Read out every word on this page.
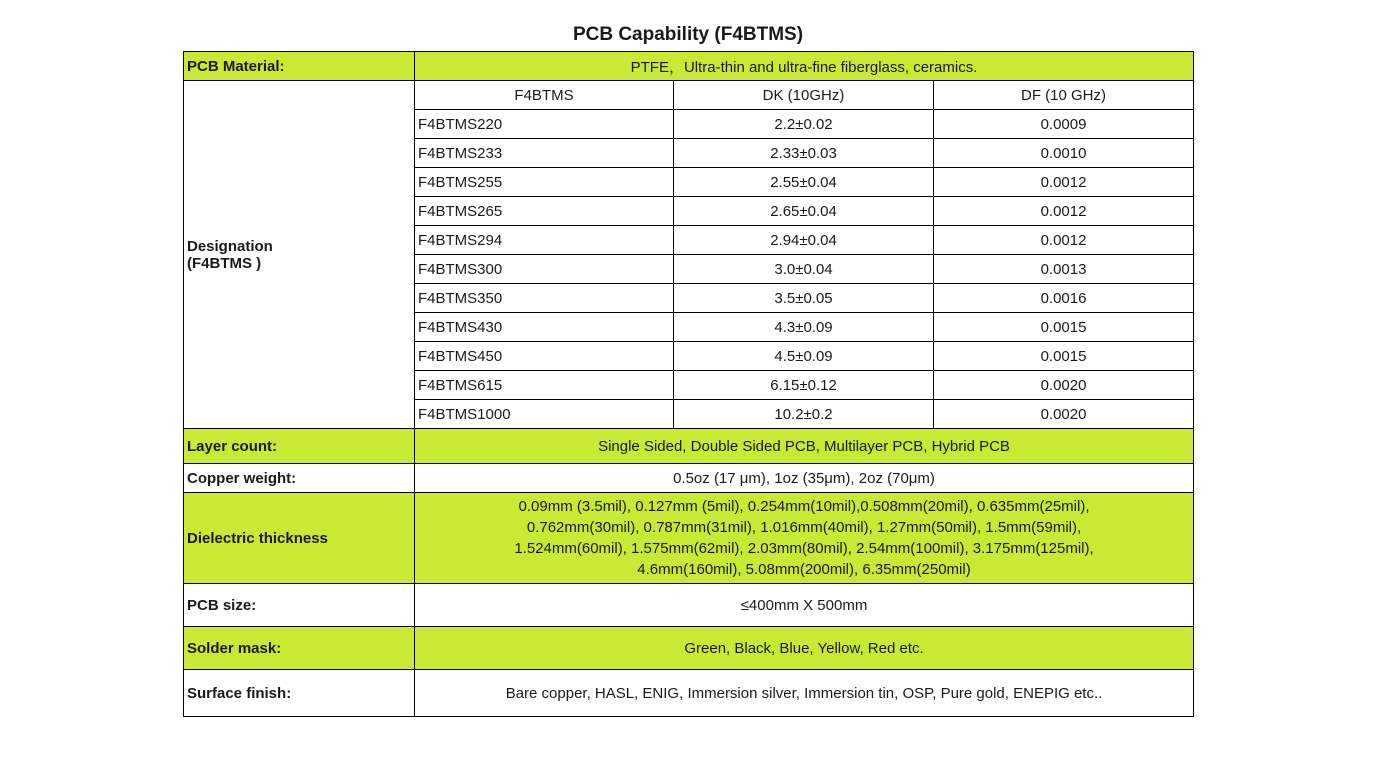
PCB Capability (F4BTMS)
PCB Material:	PTFE，Ultra-thin and ultra-fine fiberglass, ceramics.		
Designation
(F4BTMS )	F4BTMS	DK (10GHz)	DF (10 GHz)
	F4BTMS220	2.2±0.02	0.0009
	F4BTMS233	2.33±0.03	0.0010
	F4BTMS255	2.55±0.04	0.0012
	F4BTMS265	2.65±0.04	0.0012
	F4BTMS294	2.94±0.04	0.0012
	F4BTMS300	3.0±0.04	0.0013
	F4BTMS350	3.5±0.05	0.0016
	F4BTMS430	4.3±0.09	0.0015
	F4BTMS450	4.5±0.09	0.0015
	F4BTMS615	6.15±0.12	0.0020
	F4BTMS1000	10.2±0.2	0.0020
Layer count:	Single Sided, Double Sided PCB, Multilayer PCB, Hybrid PCB		
Copper weight:	0.5oz (17 μm), 1oz (35μm), 2oz (70μm)		
Dielectric thickness	0.09mm (3.5mil), 0.127mm (5mil), 0.254mm(10mil),0.508mm(20mil), 0.635mm(25mil),
0.762mm(30mil), 0.787mm(31mil), 1.016mm(40mil), 1.27mm(50mil), 1.5mm(59mil),
1.524mm(60mil), 1.575mm(62mil), 2.03mm(80mil), 2.54mm(100mil), 3.175mm(125mil),
4.6mm(160mil), 5.08mm(200mil), 6.35mm(250mil)		
PCB size:	≤400mm X 500mm		
Solder mask:	Green, Black, Blue, Yellow, Red etc.		
Surface finish:	Bare copper, HASL, ENIG, Immersion silver, Immersion tin, OSP, Pure gold, ENEPIG etc..		
